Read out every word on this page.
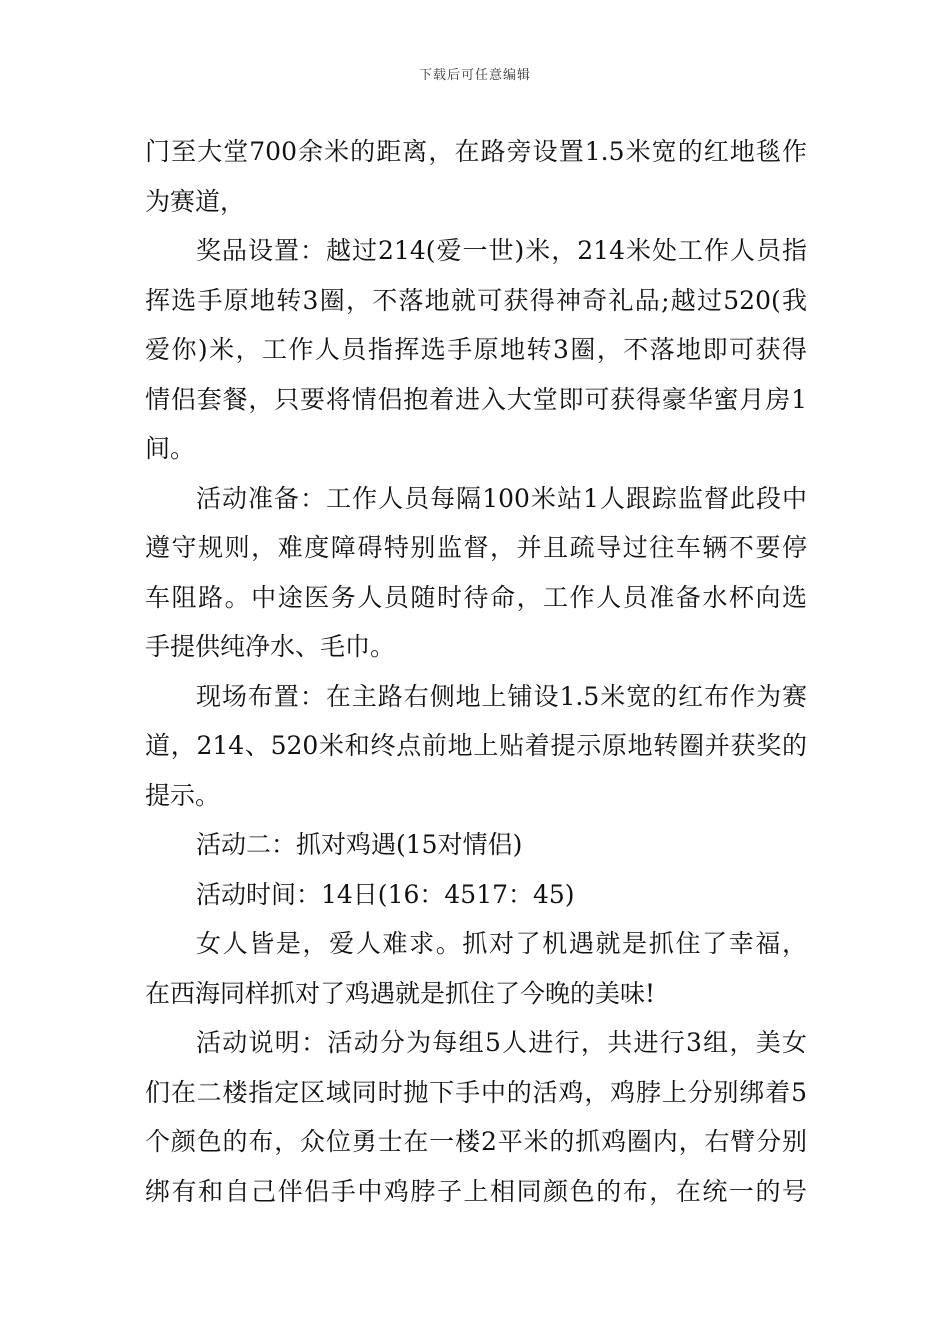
下载后可任意编辑
门至大堂700余米的距离，在路旁设置1.5米宽的红地毯作
为赛道，
奖品设置：越过214(爱一世)米，214米处工作人员指
挥选手原地转3圈，不落地就可获得神奇礼品;越过520(我
爱你)米，工作人员指挥选手原地转3圈，不落地即可获得
情侣套餐，只要将情侣抱着进入大堂即可获得豪华蜜月房1
间。
活动准备：工作人员每隔100米站1人跟踪监督此段中
遵守规则，难度障碍特别监督，并且疏导过往车辆不要停
车阻路。中途医务人员随时待命，工作人员准备水杯向选
手提供纯净水、毛巾。
现场布置：在主路右侧地上铺设1.5米宽的红布作为赛
道，214、520米和终点前地上贴着提示原地转圈并获奖的
提示。
活动二：抓对鸡遇(15对情侣)
活动时间：14日(16：4517：45)
女人皆是，爱人难求。抓对了机遇就是抓住了幸福，
在西海同样抓对了鸡遇就是抓住了今晚的美味!
活动说明：活动分为每组5人进行，共进行3组，美女
们在二楼指定区域同时抛下手中的活鸡，鸡脖上分别绑着5
个颜色的布，众位勇士在一楼2平米的抓鸡圈内，右臂分别
绑有和自己伴侣手中鸡脖子上相同颜色的布，在统一的号
